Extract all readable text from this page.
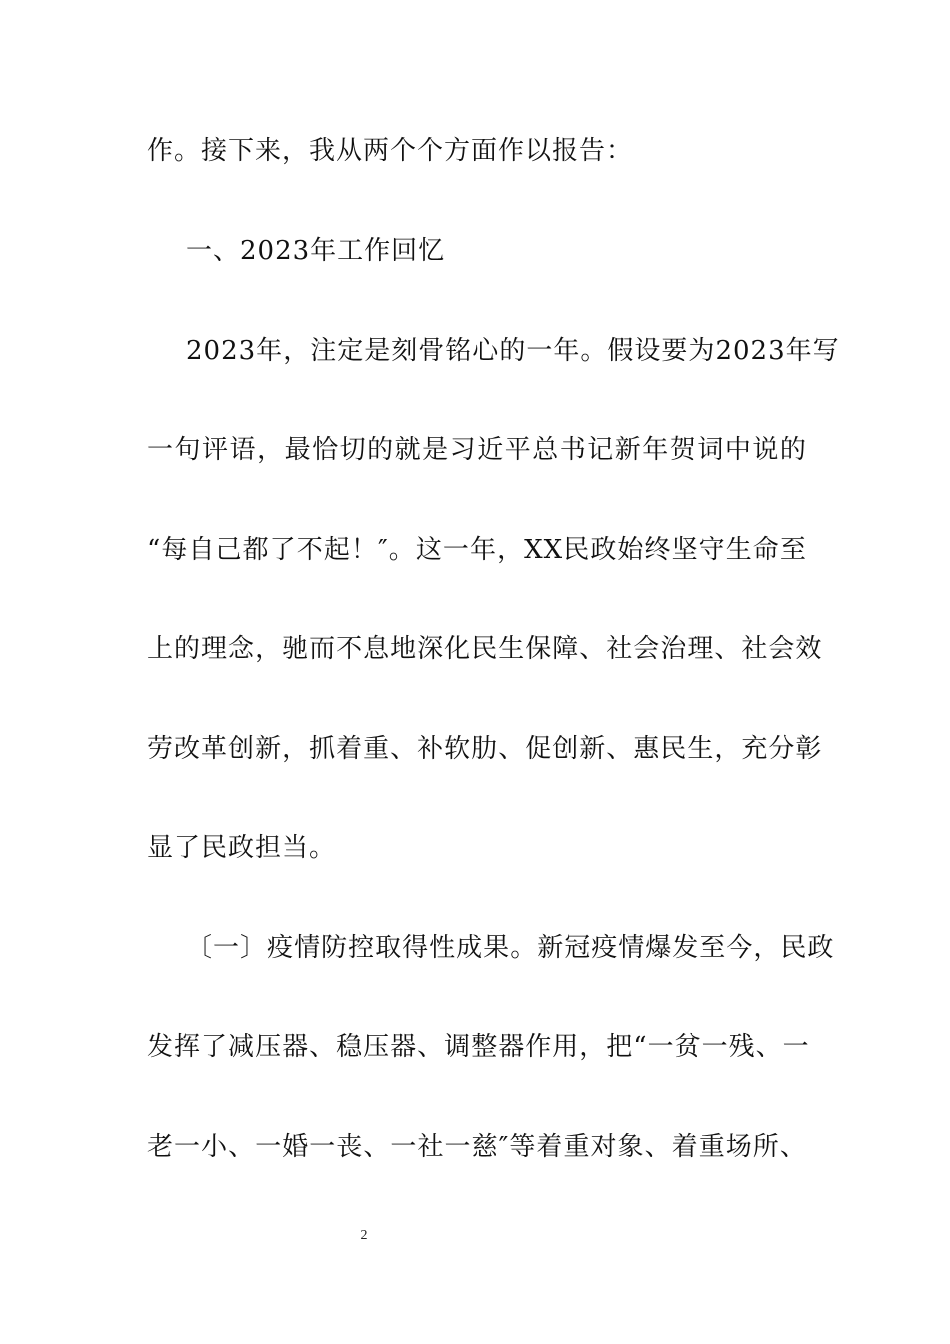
作。接下来，我从两个个方面作以报告：
一、2023年工作回忆
2023 年 ， 注 定 是 刻 骨 铭 心 的 一 年 。 假 设 要 为 2023 年 写
一 句 评 语 ， 最 恰 切 的 就 是 习 近 平 总 书 记 新 年 贺 词 中 说 的
“ 每 自 己 都 了 不 起 ！ ″ 。 这 一 年 ， XX 民 政 始 终 坚 守 生 命 至
上 的 理 念 ， 驰 而 不 息 地 深 化 民 生 保 障 、 社 会 治 理 、 社 会 效
劳 改 革 创 新 ， 抓 着 重 、 补 软 肋 、 促 创 新 、 惠 民 生 ， 充 分 彰
显了民政担当。
〔 一 〕 疫 情 防 控 取 得 性 成 果 。 新 冠 疫 情 爆 发 至 今 ， 民 政
发 挥 了 减 压 器 、 稳 压 器 、 调 整 器 作 用 ， 把 “ 一 贫 一 残 、 一
老 一 小 、 一 婚 一 丧 、 一 社 一 慈 ″ 等 着 重 对 象 、 着 重 场 所 、
2
